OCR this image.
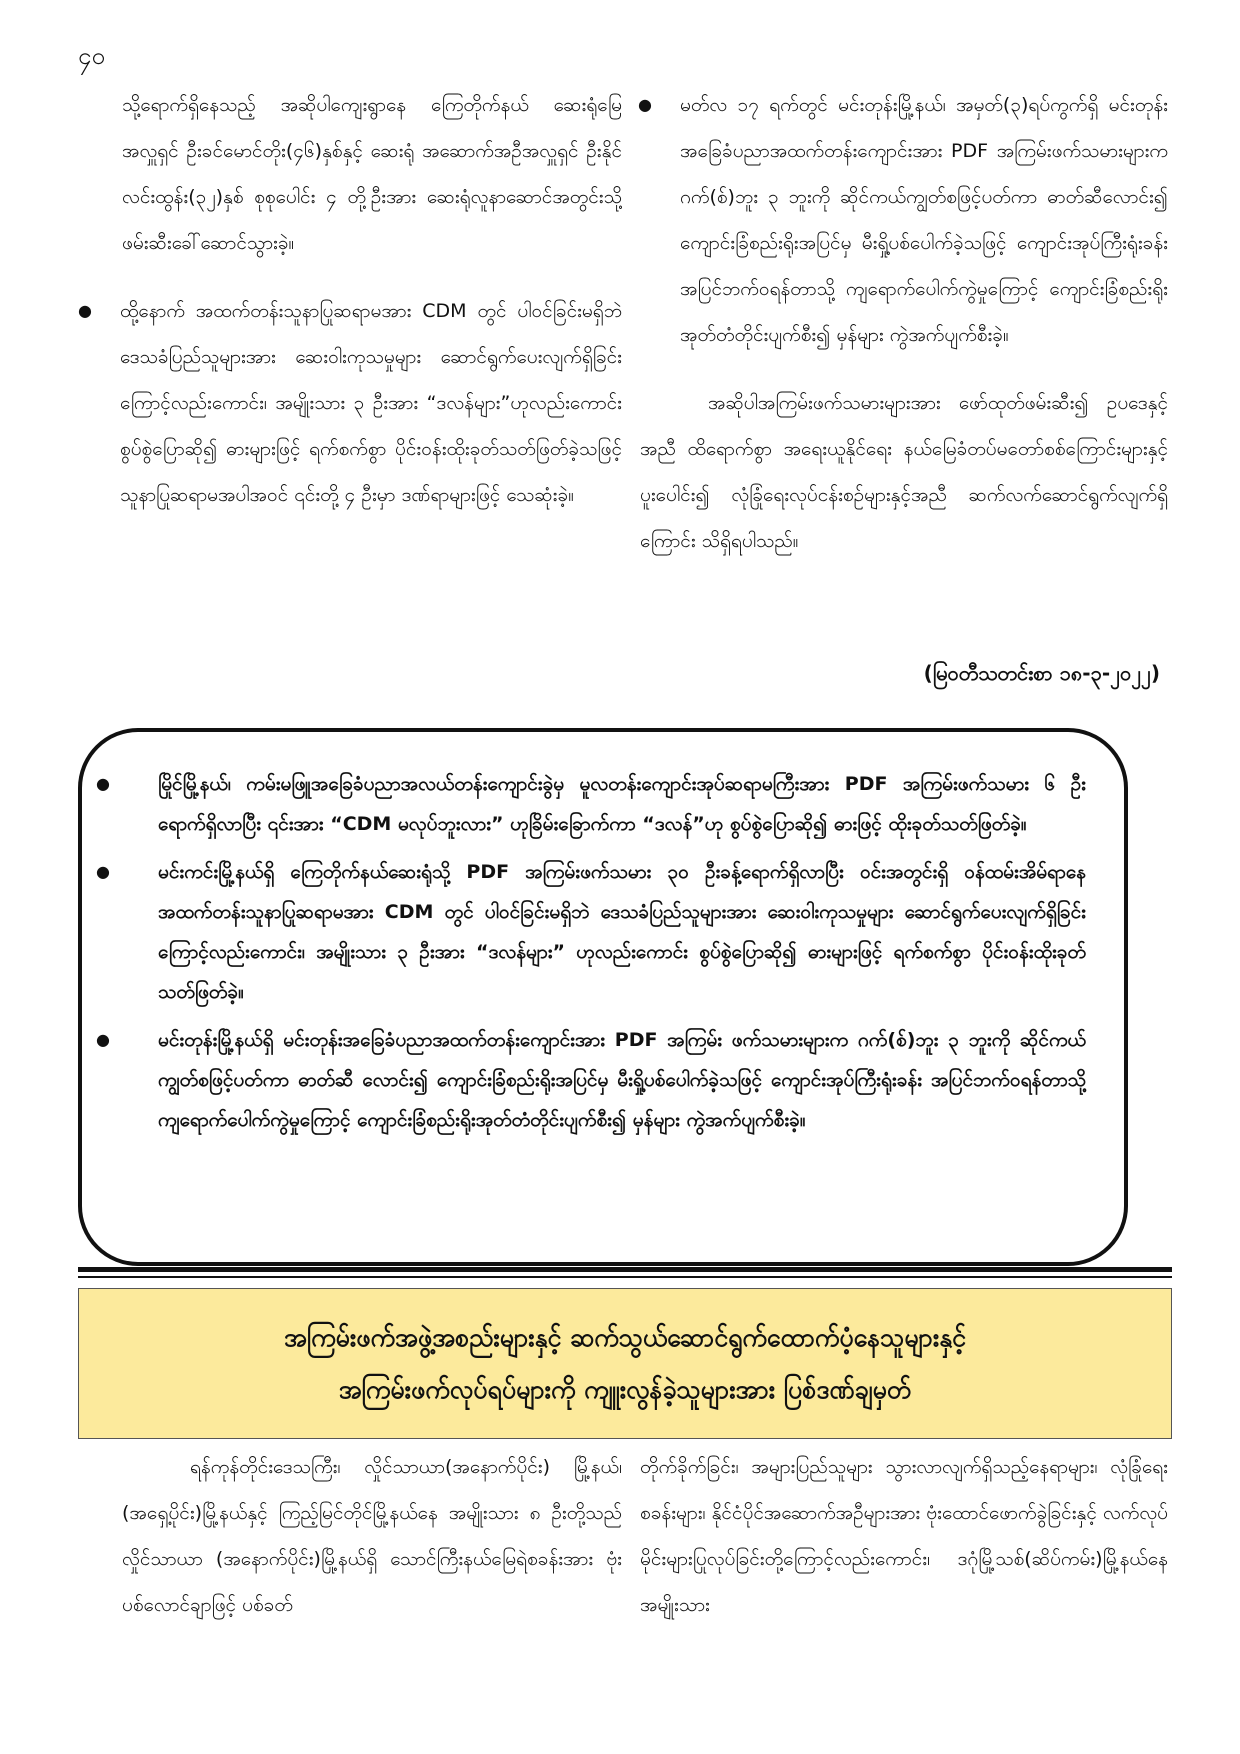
၄၀

သို့ရောက်ရှိနေသည့် အဆိုပါကျေးရွာနေ ကြေတိုက်နယ် ဆေးရုံမြေအလှူရှင် ဦးခင်မောင်တိုး(၄၆)နှစ်နှင့် ဆေးရုံ အဆောက်အဦအလှူရှင် ဦးနိုင်လင်းထွန်း(၃၂)နှစ် စုစုပေါင်း ၄ တို့ဦးအား ဆေးရုံလူနာဆောင်အတွင်းသို့ ဖမ်းဆီးခေါ်ဆောင်သွားခဲ့။

● ထို့နောက် အထက်တန်းသူနာပြုဆရာမအား CDM တွင် ပါဝင်ခြင်းမရှိဘဲ ဒေသခံပြည်သူများအား ဆေးဝါးကုသမှုများ ဆောင်ရွက်ပေးလျက်ရှိခြင်းကြောင့်လည်းကောင်း၊ အမျိုးသား ၃ ဦးအား “ဒလန်များ”ဟုလည်းကောင်း စွပ်စွဲပြောဆို၍ ဓားများဖြင့် ရက်စက်စွာ ပိုင်းဝန်းထိုးခုတ်သတ်ဖြတ်ခဲ့သဖြင့် သူနာပြုဆရာမအပါအဝင် ၎င်းတို့ ၄ ဦးမှာ ဒဏ်ရာများဖြင့် သေဆုံးခဲ့။
● မတ်လ ၁၇ ရက်တွင် မင်းတုန်းမြို့နယ်၊ အမှတ်(၃)ရပ်ကွက်ရှိ မင်းတုန်းအခြေခံပညာအထက်တန်းကျောင်းအား PDF အကြမ်းဖက်သမားများက ဂက်(စ်)ဘူး ၃ ဘူးကို ဆိုင်ကယ်ကျွတ်စဖြင့်ပတ်ကာ ဓာတ်ဆီလောင်း၍ ကျောင်းခြံစည်းရိုးအပြင်မှ မီးရှို့ပစ်ပေါက်ခဲ့သဖြင့် ကျောင်းအုပ်ကြီးရုံးခန်းအပြင်ဘက်ဝရန်တာသို့ ကျရောက်ပေါက်ကွဲမှုကြောင့် ကျောင်းခြံစည်းရိုး အုတ်တံတိုင်းပျက်စီး၍ မှန်များ ကွဲအက်ပျက်စီးခဲ့။

အဆိုပါအကြမ်းဖက်သမားများအား ဖော်ထုတ်ဖမ်းဆီး၍ ဥပဒေနှင့်အညီ ထိရောက်စွာ အရေးယူနိုင်ရေး နယ်မြေခံတပ်မတော်စစ်ကြောင်းများနှင့် ပူးပေါင်း၍ လုံခြုံရေးလုပ်ငန်းစဉ်များနှင့်အညီ ဆက်လက်ဆောင်ရွက်လျက်ရှိကြောင်း သိရှိရပါသည်။

(မြဝတီသတင်းစာ ၁၈-၃-၂၀၂၂)
● မြိုင်မြို့နယ်၊ ကမ်းမဖြူအခြေခံပညာအလယ်တန်းကျောင်းခွဲမှ မူလတန်းကျောင်းအုပ်ဆရာမကြီးအား PDF အကြမ်းဖက်သမား ၆ ဦး ရောက်ရှိလာပြီး ၎င်းအား “CDM မလုပ်ဘူးလား” ဟုခြိမ်းခြောက်ကာ “ဒလန်”ဟု စွပ်စွဲပြောဆို၍ ဓားဖြင့် ထိုးခုတ်သတ်ဖြတ်ခဲ့။
● မင်းကင်းမြို့နယ်ရှိ ကြေတိုက်နယ်ဆေးရုံသို့ PDF အကြမ်းဖက်သမား ၃၀ ဦးခန့်ရောက်ရှိလာပြီး ဝင်းအတွင်းရှိ ဝန်ထမ်းအိမ်ရာနေ အထက်တန်းသူနာပြုဆရာမအား CDM တွင် ပါဝင်ခြင်းမရှိဘဲ ဒေသခံပြည်သူများအား ဆေးဝါးကုသမှုများ ဆောင်ရွက်ပေးလျက်ရှိခြင်းကြောင့်လည်းကောင်း၊ အမျိုးသား ၃ ဦးအား “ဒလန်များ” ဟုလည်းကောင်း စွပ်စွဲပြောဆို၍ ဓားများဖြင့် ရက်စက်စွာ ပိုင်းဝန်းထိုးခုတ်သတ်ဖြတ်ခဲ့။
● မင်းတုန်းမြို့နယ်ရှိ မင်းတုန်းအခြေခံပညာအထက်တန်းကျောင်းအား PDF အကြမ်း ဖက်သမားများက ဂက်(စ်)ဘူး ၃ ဘူးကို ဆိုင်ကယ်ကျွတ်စဖြင့်ပတ်ကာ ဓာတ်ဆီ လောင်း၍ ကျောင်းခြံစည်းရိုးအပြင်မှ မီးရှို့ပစ်ပေါက်ခဲ့သဖြင့် ကျောင်းအုပ်ကြီးရုံးခန်း အပြင်ဘက်ဝရန်တာသို့ ကျရောက်ပေါက်ကွဲမှုကြောင့် ကျောင်းခြံစည်းရိုးအုတ်တံတိုင်းပျက်စီး၍ မှန်များ ကွဲအက်ပျက်စီးခဲ့။
အကြမ်းဖက်အဖွဲ့အစည်းများနှင့် ဆက်သွယ်ဆောင်ရွက်ထောက်ပံ့နေသူများနှင့်
အကြမ်းဖက်လုပ်ရပ်များကို ကျူးလွန်ခဲ့သူများအား ပြစ်ဒဏ်ချမှတ်

ရန်ကုန်တိုင်းဒေသကြီး၊ လှိုင်သာယာ(အနောက်ပိုင်း) မြို့နယ်၊ (အရှေ့ပိုင်း)မြို့နယ်နှင့် ကြည့်မြင်တိုင်မြို့နယ်နေ အမျိုးသား ၈ ဦးတို့သည် လှိုင်သာယာ (အနောက်ပိုင်း)မြို့နယ်ရှိ သောင်ကြီးနယ်မြေရဲစခန်းအား ဗုံးပစ်လောင်ချာဖြင့် ပစ်ခတ်

တိုက်ခိုက်ခြင်း၊ အများပြည်သူများ သွားလာလျက်ရှိသည့်နေရာများ၊ လုံခြုံရေးစခန်းများ၊ နိုင်ငံပိုင်အဆောက်အဦများအား ဗုံးထောင်ဖောက်ခွဲခြင်းနှင့် လက်လုပ်မိုင်းများပြုလုပ်ခြင်းတို့ကြောင့်လည်းကောင်း၊ ဒဂုံမြို့သစ်(ဆိပ်ကမ်း)မြို့နယ်နေ အမျိုးသား
